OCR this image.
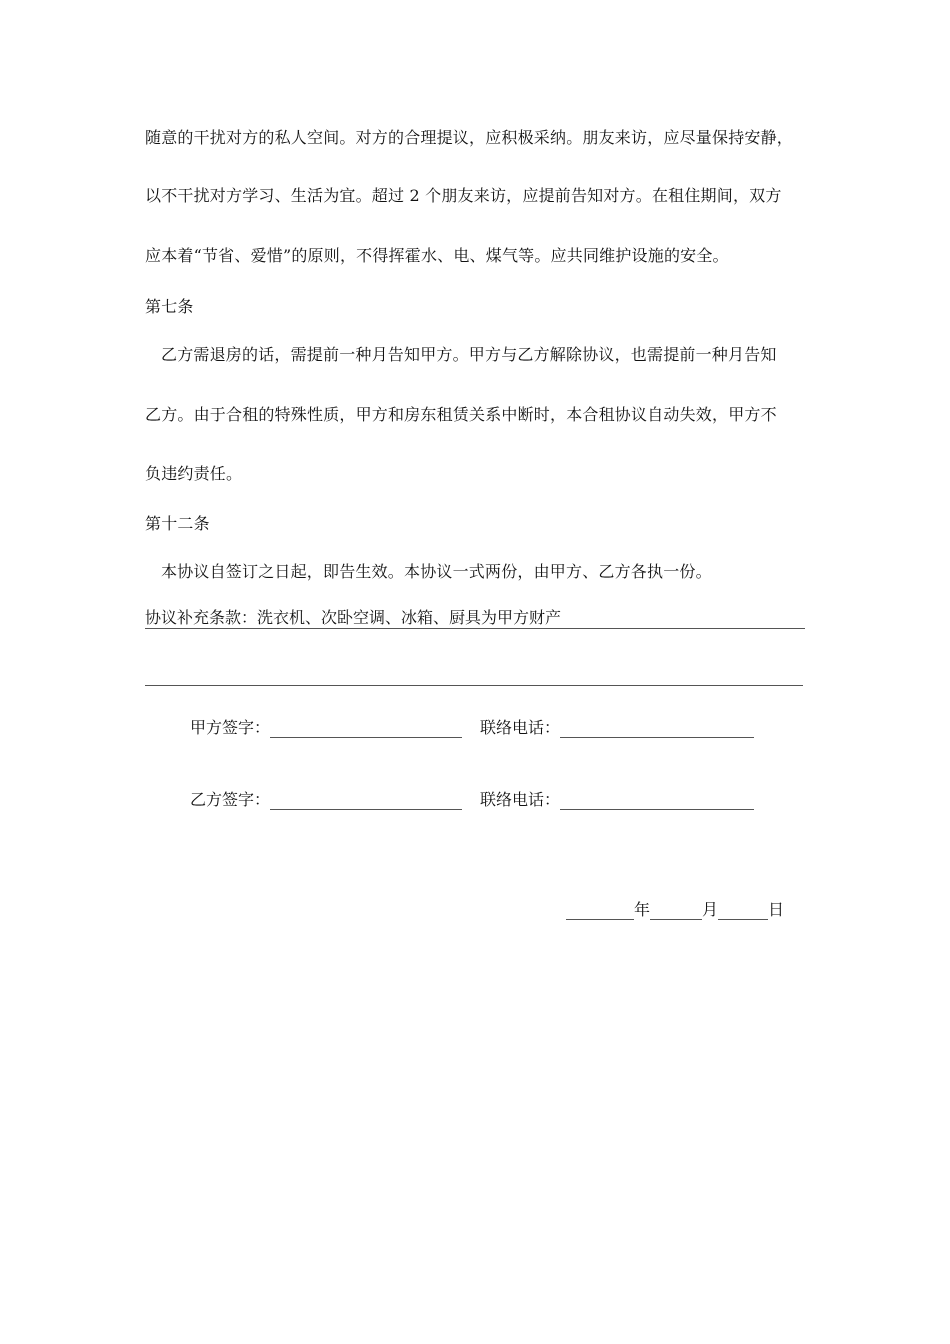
随意的干扰对方的私人空间。对方的合理提议，应积极采纳。朋友来访，应尽量保持安静，
以不干扰对方学习、生活为宜。超过 2 个朋友来访，应提前告知对方。在租住期间，双方
应本着“节省、爱惜”的原则，不得挥霍水、电、煤气等。应共同维护设施的安全。
第七条
乙方需退房的话，需提前一种月告知甲方。甲方与乙方解除协议，也需提前一种月告知
乙方。由于合租的特殊性质，甲方和房东租赁关系中断时，本合租协议自动失效，甲方不
负违约责任。
第十二条
本协议自签订之日起，即告生效。本协议一式两份，由甲方、乙方各执一份。
协议补充条款： 洗衣机、次卧空调、冰箱、厨具为甲方财产
甲方签字：	联络电话：
乙方签字：	联络电话：
年	月	日
